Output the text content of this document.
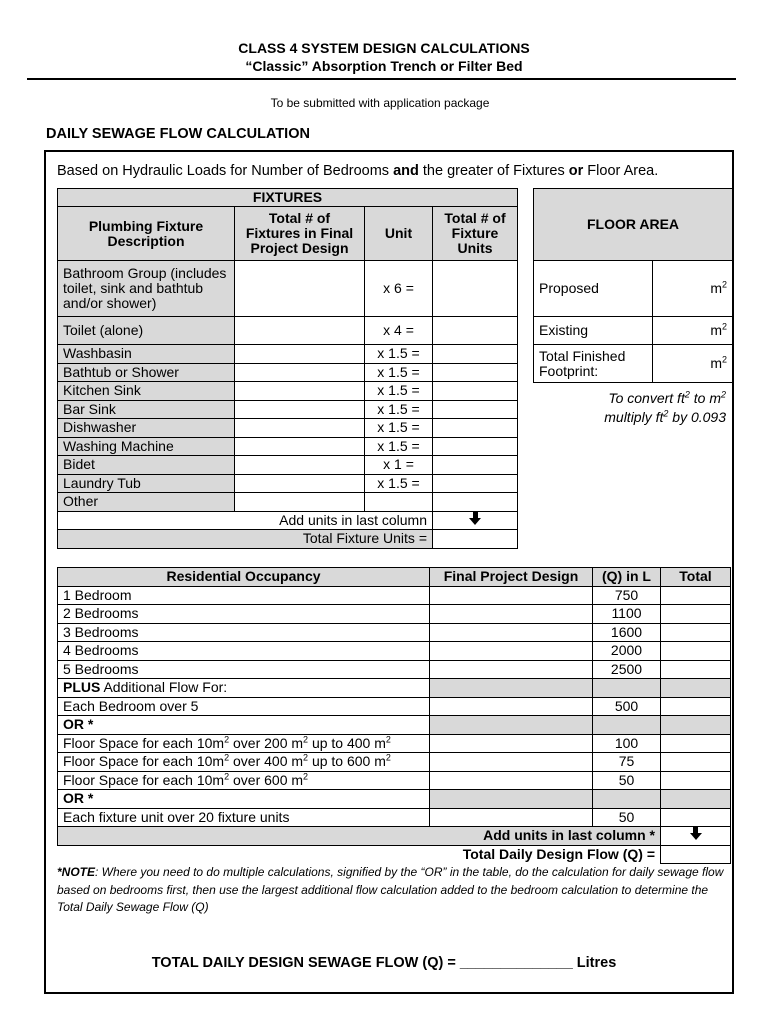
CLASS 4 SYSTEM DESIGN CALCULATIONS
“Classic” Absorption Trench or Filter Bed
To be submitted with application package
DAILY SEWAGE FLOW CALCULATION
Based on Hydraulic Loads for Number of Bedrooms and the greater of Fixtures or Floor Area.
FIXTURES			
Plumbing Fixture Description	Total # of Fixtures in Final Project Design	Unit	Total # of Fixture Units
Bathroom Group (includes toilet, sink and bathtub and/or shower)		x 6 =	
Toilet (alone)		x 4 =	
Washbasin		x 1.5 =	
Bathtub or Shower		x 1.5 =	
Kitchen Sink		x 1.5 =	
Bar Sink		x 1.5 =	
Dishwasher		x 1.5 =	
Washing Machine		x 1.5 =	
Bidet		x 1 =	
Laundry Tub		x 1.5 =	
Other			
Add units in last column			
Total Fixture Units =			
FLOOR AREA	
Proposed	$m^2$
Existing	$m^2$
Total Finished Footprint:	$m^2$
To convert $ft^2$ to $m^2$
multiply $ft^2$ by 0.093
Residential Occupancy	Final Project Design	(Q) in L	Total
1 Bedroom		750	
2 Bedrooms		1100	
3 Bedrooms		1600	
4 Bedrooms		2000	
5 Bedrooms		2500	
PLUS Additional Flow For:			
Each Bedroom over 5		500	
OR *			
Floor Space for each $10m^2$ over 200 $m^2$ up to 400 $m^2$		100	
Floor Space for each $10m^2$ over 400 $m^2$ up to 600 $m^2$		75	
Floor Space for each $10m^2$ over 600 $m^2$		50	
OR *			
Each fixture unit over 20 fixture units		50	
Add units in last column *			
Total Daily Design Flow (Q) =			
*NOTE: Where you need to do multiple calculations, signified by the “OR” in the table, do the calculation for daily sewage flow based on bedrooms first, then use the largest additional flow calculation added to the bedroom calculation to determine the Total Daily Sewage Flow (Q)
TOTAL DAILY DESIGN SEWAGE FLOW (Q) = ______________ Litres
